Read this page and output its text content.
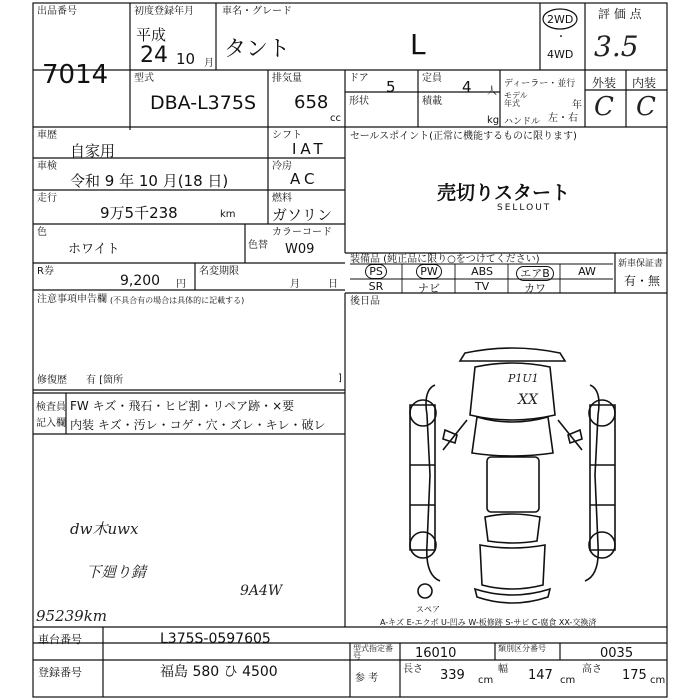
出品番号
7014
初度登録年月
平成
24 10 月
車名・グレード
タント	L
2WD
・
4WD
評 価 点
3.5
型式
DBA-L375S
排気量
658
cc
ドア 5
形状
定員 4 人
積載
kg
ディーラー・並行
モデル年式	年
ハンドル 左・右
外装 内装
C C
車歴
自家用
車検
令和 9 年 10 月(18 日)
走行
9万5千238	km
色
ホワイト	色替
カラーコード
W09
R券
9,200 円
名変期限
月	日
注意事項申告欄 (不具合有の場合は具体的に記載する)
修復歴 有 [箇所	]
シフト
IAT
冷房
AC
燃料
ガソリン
セールスポイント(正常に機能するものに限ります)
売切りスタート
SELLOUT
装備品 (純正品に限り○をつけてください)
PS	PW	ABS	エアB	AW
SR	ナビ	TV	カワ
新車保証書
有・無
後日品
検査員
記入欄
FW キズ・飛石・ヒビ割・リペア跡・×要
内装 キズ・汚レ・コゲ・穴・ズレ・キレ・破レ
dw木uwx
下廻り錆
9A4W
95239km
P1U1
XX
スペア
A-キズ E-エクボ U-凹み W-板修跡 S-サビ C-腐食 XX-交換済
車台番号	L375S-0597605
登録番号	福島 580 ひ 4500
型式指定番号	16010	類別区分番号	0035
参 考
長さ 339 cm
幅 147 cm
高さ 175 cm
